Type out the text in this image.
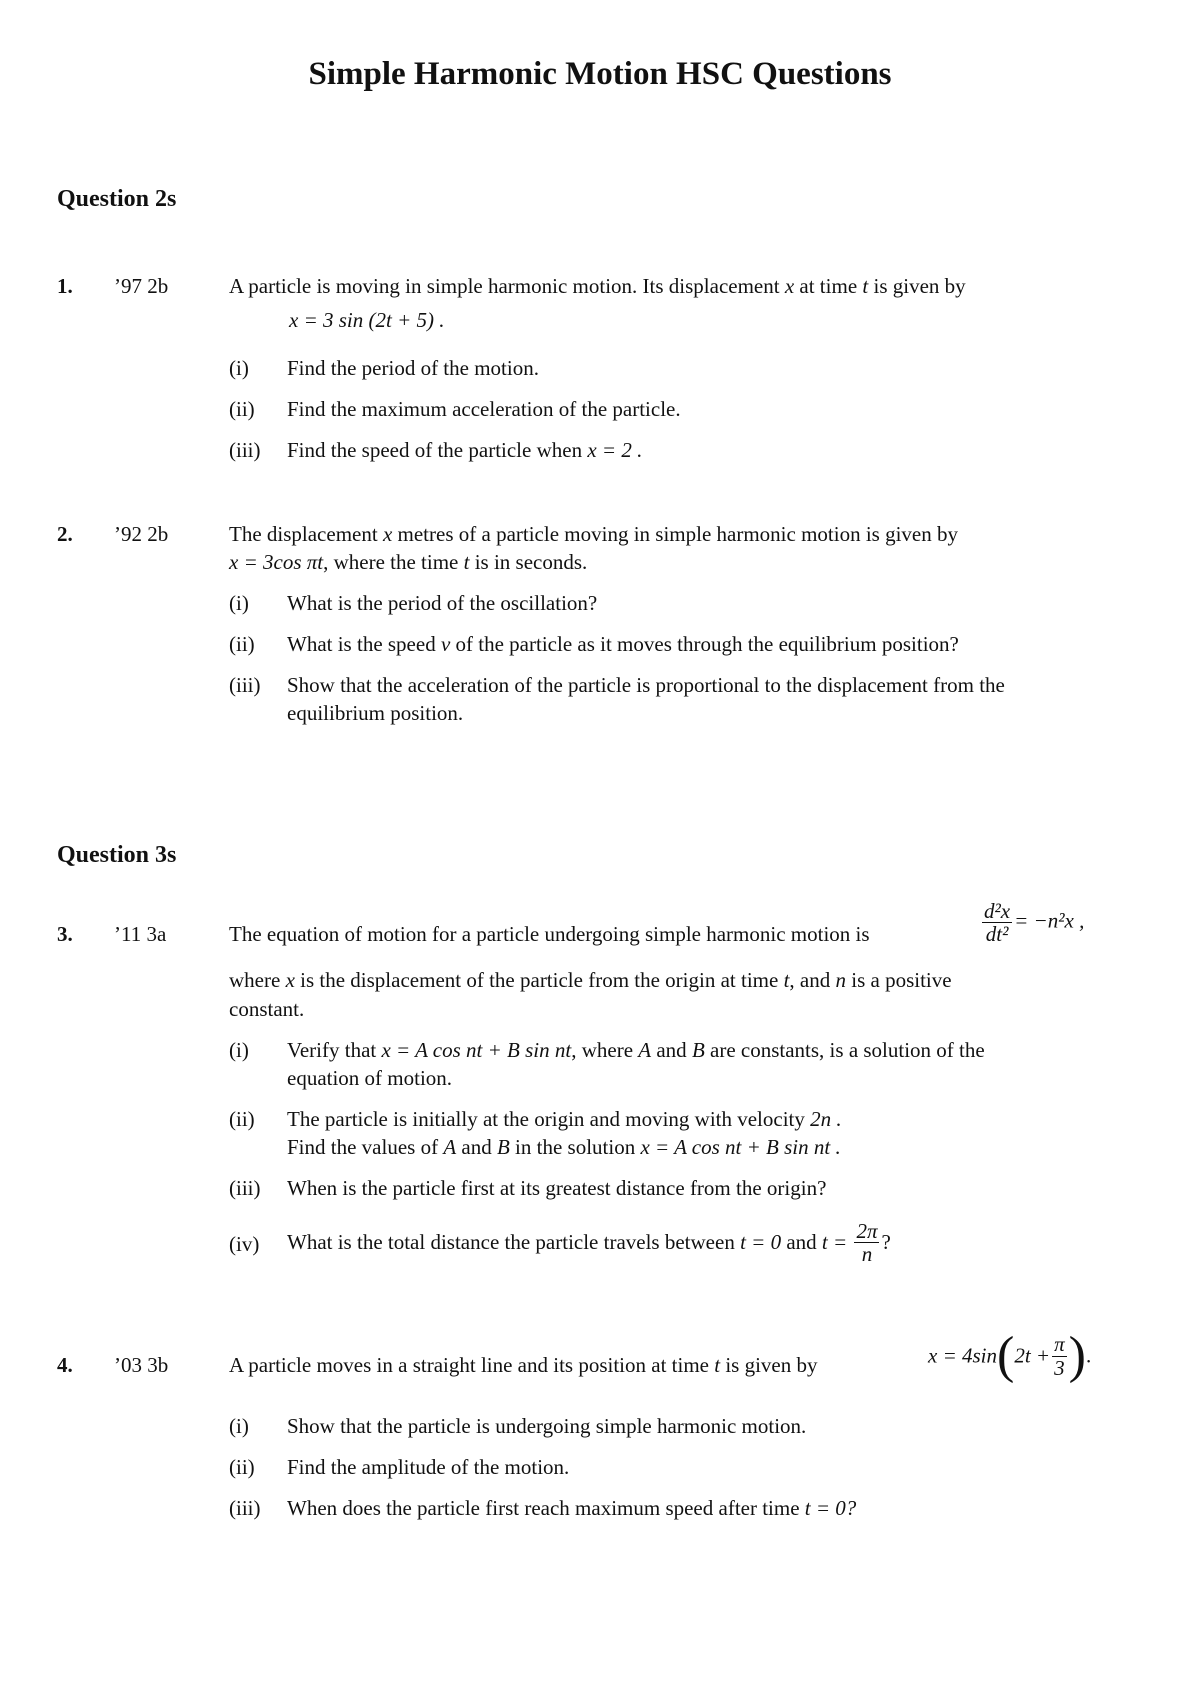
Simple Harmonic Motion HSC Questions
Question 2s
1. ’97 2b	A particle is moving in simple harmonic motion. Its displacement x at time t is given by
x = 3 sin (2t + 5) .
(i) Find the period of the motion.
(ii) Find the maximum acceleration of the particle.
(iii) Find the speed of the particle when x = 2 .
2. ’92 2b	The displacement x metres of a particle moving in simple harmonic motion is given by
x = 3cos πt, where the time t is in seconds.
(i) What is the period of the oscillation?
(ii) What is the speed v of the particle as it moves through the equilibrium position?
(iii) Show that the acceleration of the particle is proportional to the displacement from the
equilibrium position.
Question 3s
3. ’11 3a	The equation of motion for a particle undergoing simple harmonic motion is	$\frac{\text{d²x}}{\text{dt²}} = -n^2x$ ,
where x is the displacement of the particle from the origin at time t, and n is a positive
constant.
(i) Verify that x = A cos nt + B sin nt, where A and B are constants, is a solution of the
equation of motion.
(ii) The particle is initially at the origin and moving with velocity 2n .
Find the values of A and B in the solution x = A cos nt + B sin nt .
(iii) When is the particle first at its greatest distance from the origin?
(iv) What is the total distance the particle travels between t = 0 and $t = \frac{2\pi}{n}$ ?
4. ’03 3b	A particle moves in a straight line and its position at time t is given by	$x = 4\sin(2t + \frac{\pi}{3}$ ).
(i) Show that the particle is undergoing simple harmonic motion.
(ii) Find the amplitude of the motion.
(iii) When does the particle first reach maximum speed after time t = 0?
